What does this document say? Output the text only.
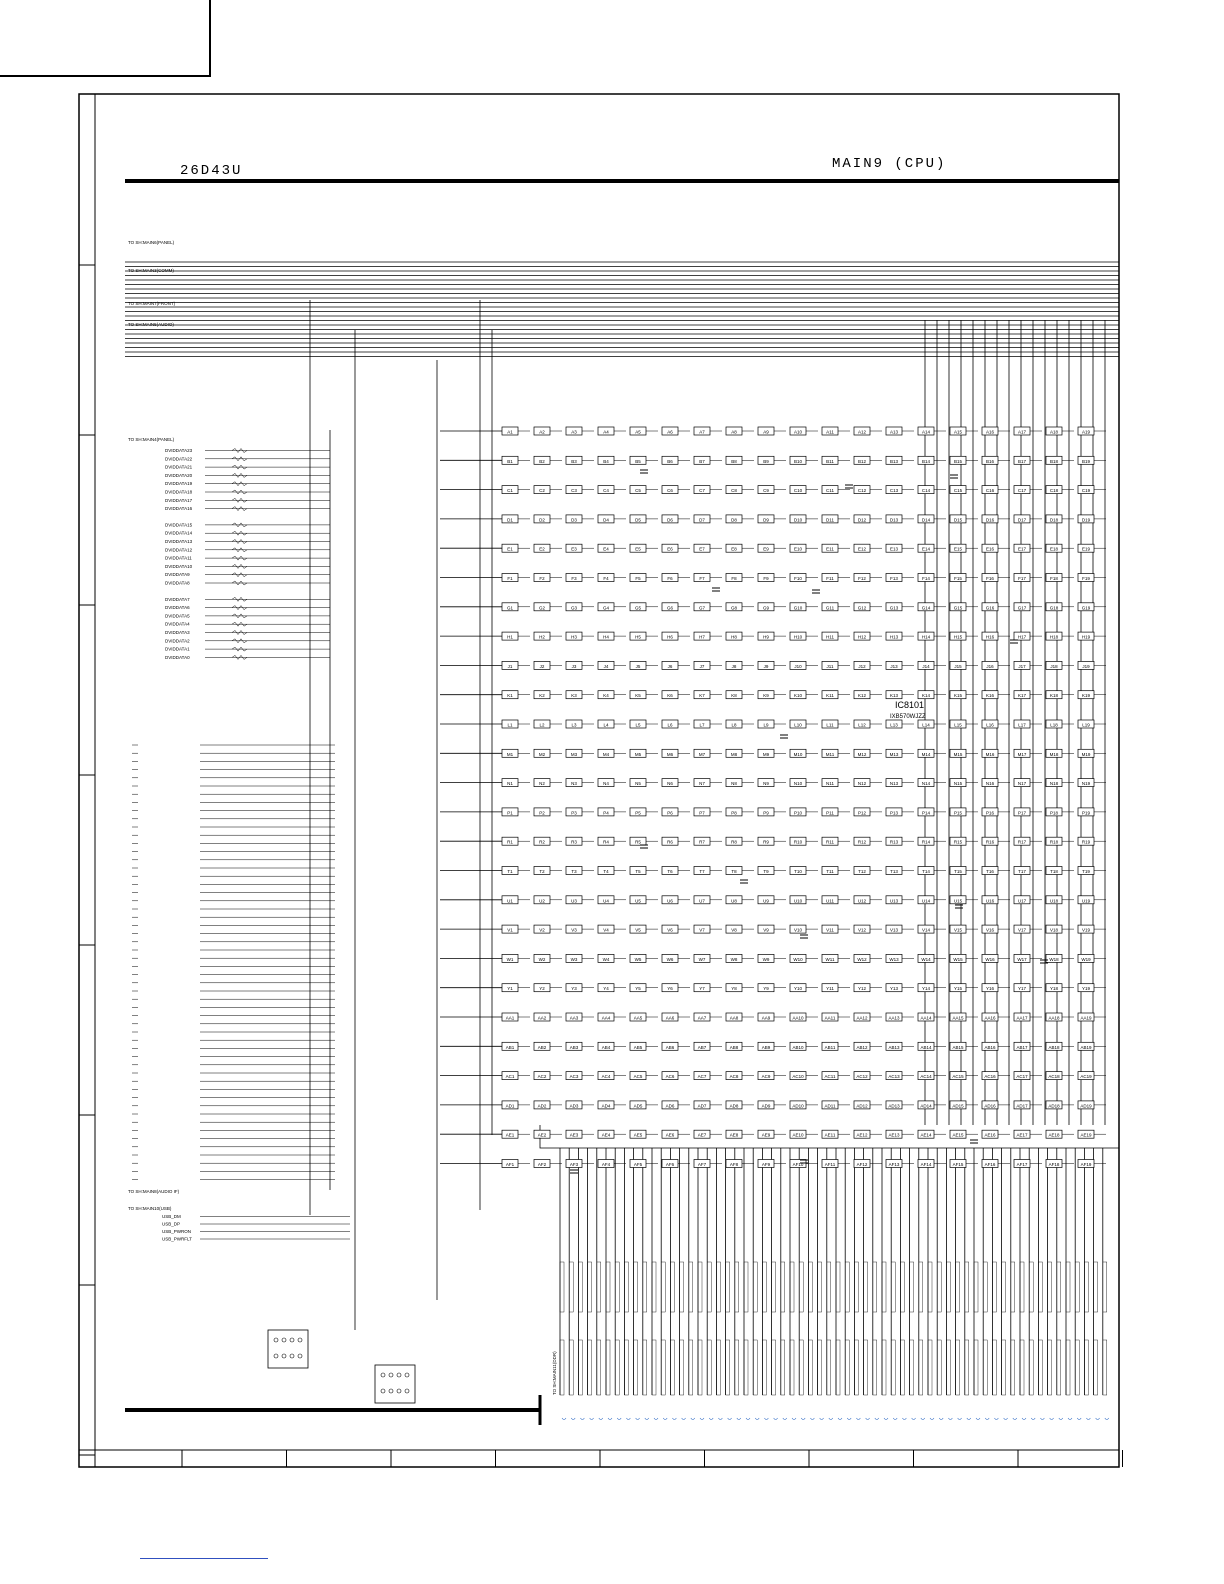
A1	A2	A3	A4	A5	A6	A7	A8	A9	A10	A11	A12	A13	A14	A15	A16	A17	A18	A19
B1	B2	B3	B4	B5	B6	B7	B8	B9	B10	B11	B12	B13	B14	B15	B16	B17	B18	B19
C1	C2	C3	C4	C5	C6	C7	C8	C9	C10	C11	C12	C13	C14	C15	C16	C17	C18	C19
D1	D2	D3	D4	D5	D6	D7	D8	D9	D10	D11	D12	D13	D14	D15	D16	D17	D18	D19
E1	E2	E3	E4	E5	E6	E7	E8	E9	E10	E11	E12	E13	E14	E15	E16	E17	E18	E19
F1	F2	F3	F4	F5	F6	F7	F8	F9	F10	F11	F12	F13	F14	F15	F16	F17	F18	F19
G1	G2	G3	G4	G5	G6	G7	G8	G9	G10	G11	G12	G13	G14	G15	G16	G17	G18	G19
H1	H2	H3	H4	H5	H6	H7	H8	H9	H10	H11	H12	H13	H14	H15	H16	H17	H18	H19
J1	J2	J3	J4	J5	J6	J7	J8	J9	J10	J11	J12	J13	J14	J15	J16	J17	J18	J19
K1	K2	K3	K4	K5	K6	K7	K8	K9	K10	K11	K12	K13	K14	K15	K16	K17	K18	K19
L1	L2	L3	L4	L5	L6	L7	L8	L9	L10	L11	L12	L13	L14	L15	L16	L17	L18	L19
M1	M2	M3	M4	M5	M6	M7	M8	M9	M10	M11	M12	M13	M14	M15	M16	M17	M18	M19
N1	N2	N3	N4	N5	N6	N7	N8	N9	N10	N11	N12	N13	N14	N15	N16	N17	N18	N19
P1	P2	P3	P4	P5	P6	P7	P8	P9	P10	P11	P12	P13	P14	P15	P16	P17	P18	P19
R1	R2	R3	R4	R5	R6	R7	R8	R9	R10	R11	R12	R13	R14	R15	R16	R17	R18	R19
T1	T2	T3	T4	T5	T6	T7	T8	T9	T10	T11	T12	T13	T14	T15	T16	T17	T18	T19
U1	U2	U3	U4	U5	U6	U7	U8	U9	U10	U11	U12	U13	U14	U15	U16	U17	U18	U19
V1	V2	V3	V4	V5	V6	V7	V8	V9	V10	V11	V12	V13	V14	V15	V16	V17	V18	V19
W1	W2	W3	W4	W5	W6	W7	W8	W9	W10	W11	W12	W13	W14	W15	W16	W17	W18	W19
Y1	Y2	Y3	Y4	Y5	Y6	Y7	Y8	Y9	Y10	Y11	Y12	Y13	Y14	Y15	Y16	Y17	Y18	Y19
AA1	AA2	AA3	AA4	AA5	AA6	AA7	AA8	AA9	AA10	AA11	AA12	AA13	AA14	AA15	AA16	AA17	AA18	AA19
AB1	AB2	AB3	AB4	AB5	AB6	AB7	AB8	AB9	AB10	AB11	AB12	AB13	AB14	AB15	AB16	AB17	AB18	AB19
AC1	AC2	AC3	AC4	AC5	AC6	AC7	AC8	AC9	AC10	AC11	AC12	AC13	AC14	AC15	AC16	AC17	AC18	AC19
AD1	AD2	AD3	AD4	AD5	AD6	AD7	AD8	AD9	AD10	AD11	AD12	AD13	AD14	AD15	AD16	AD17	AD18	AD19
AE1	AE2	AE3	AE4	AE5	AE6	AE7	AE8	AE9	AE10	AE11	AE12	AE13	AE14	AE15	AE16	AE17	AE18	AE19
AF1	AF2	AF3	AF4	AF5	AF6	AF7	AF8	AF9	AF10	AF11	AF12	AF13	AF14	AF15	AF16	AF17	AF18	AF19
IC8101
IXB570WJZZ
DVIDDATA23
DVIDDATA22
DVIDDATA21
DVIDDATA20
DVIDDATA19
DVIDDATA18
DVIDDATA17
DVIDDATA16
DVIDDATA15
DVIDDATA14
DVIDDATA13
DVIDDATA12
DVIDDATA11
DVIDDATA10
DVIDDATA9
DVIDDATA8
DVIDDATA7
DVIDDATA6
DVIDDATA5
DVIDDATA4
DVIDDATA3
DVIDDATA2
DVIDDATA1
DVIDDATA0
USB_DM
USB_DP
USB_PWRON
USB_PWRFLT
TO SH:MAIN11(DDR)
TO SH:MAIN6(PANEL)
TO SH:MAIN3(COMM)
TO SH:MAIN7(FRONT)
TO SH:MAIN5(AUDIO)
TO SH:MAIN4(PANEL)
TO SH:MAIN8(AUDIO IF)
TO SH:MAIN10(USB)
26D43U	MAIN9 (CPU)
